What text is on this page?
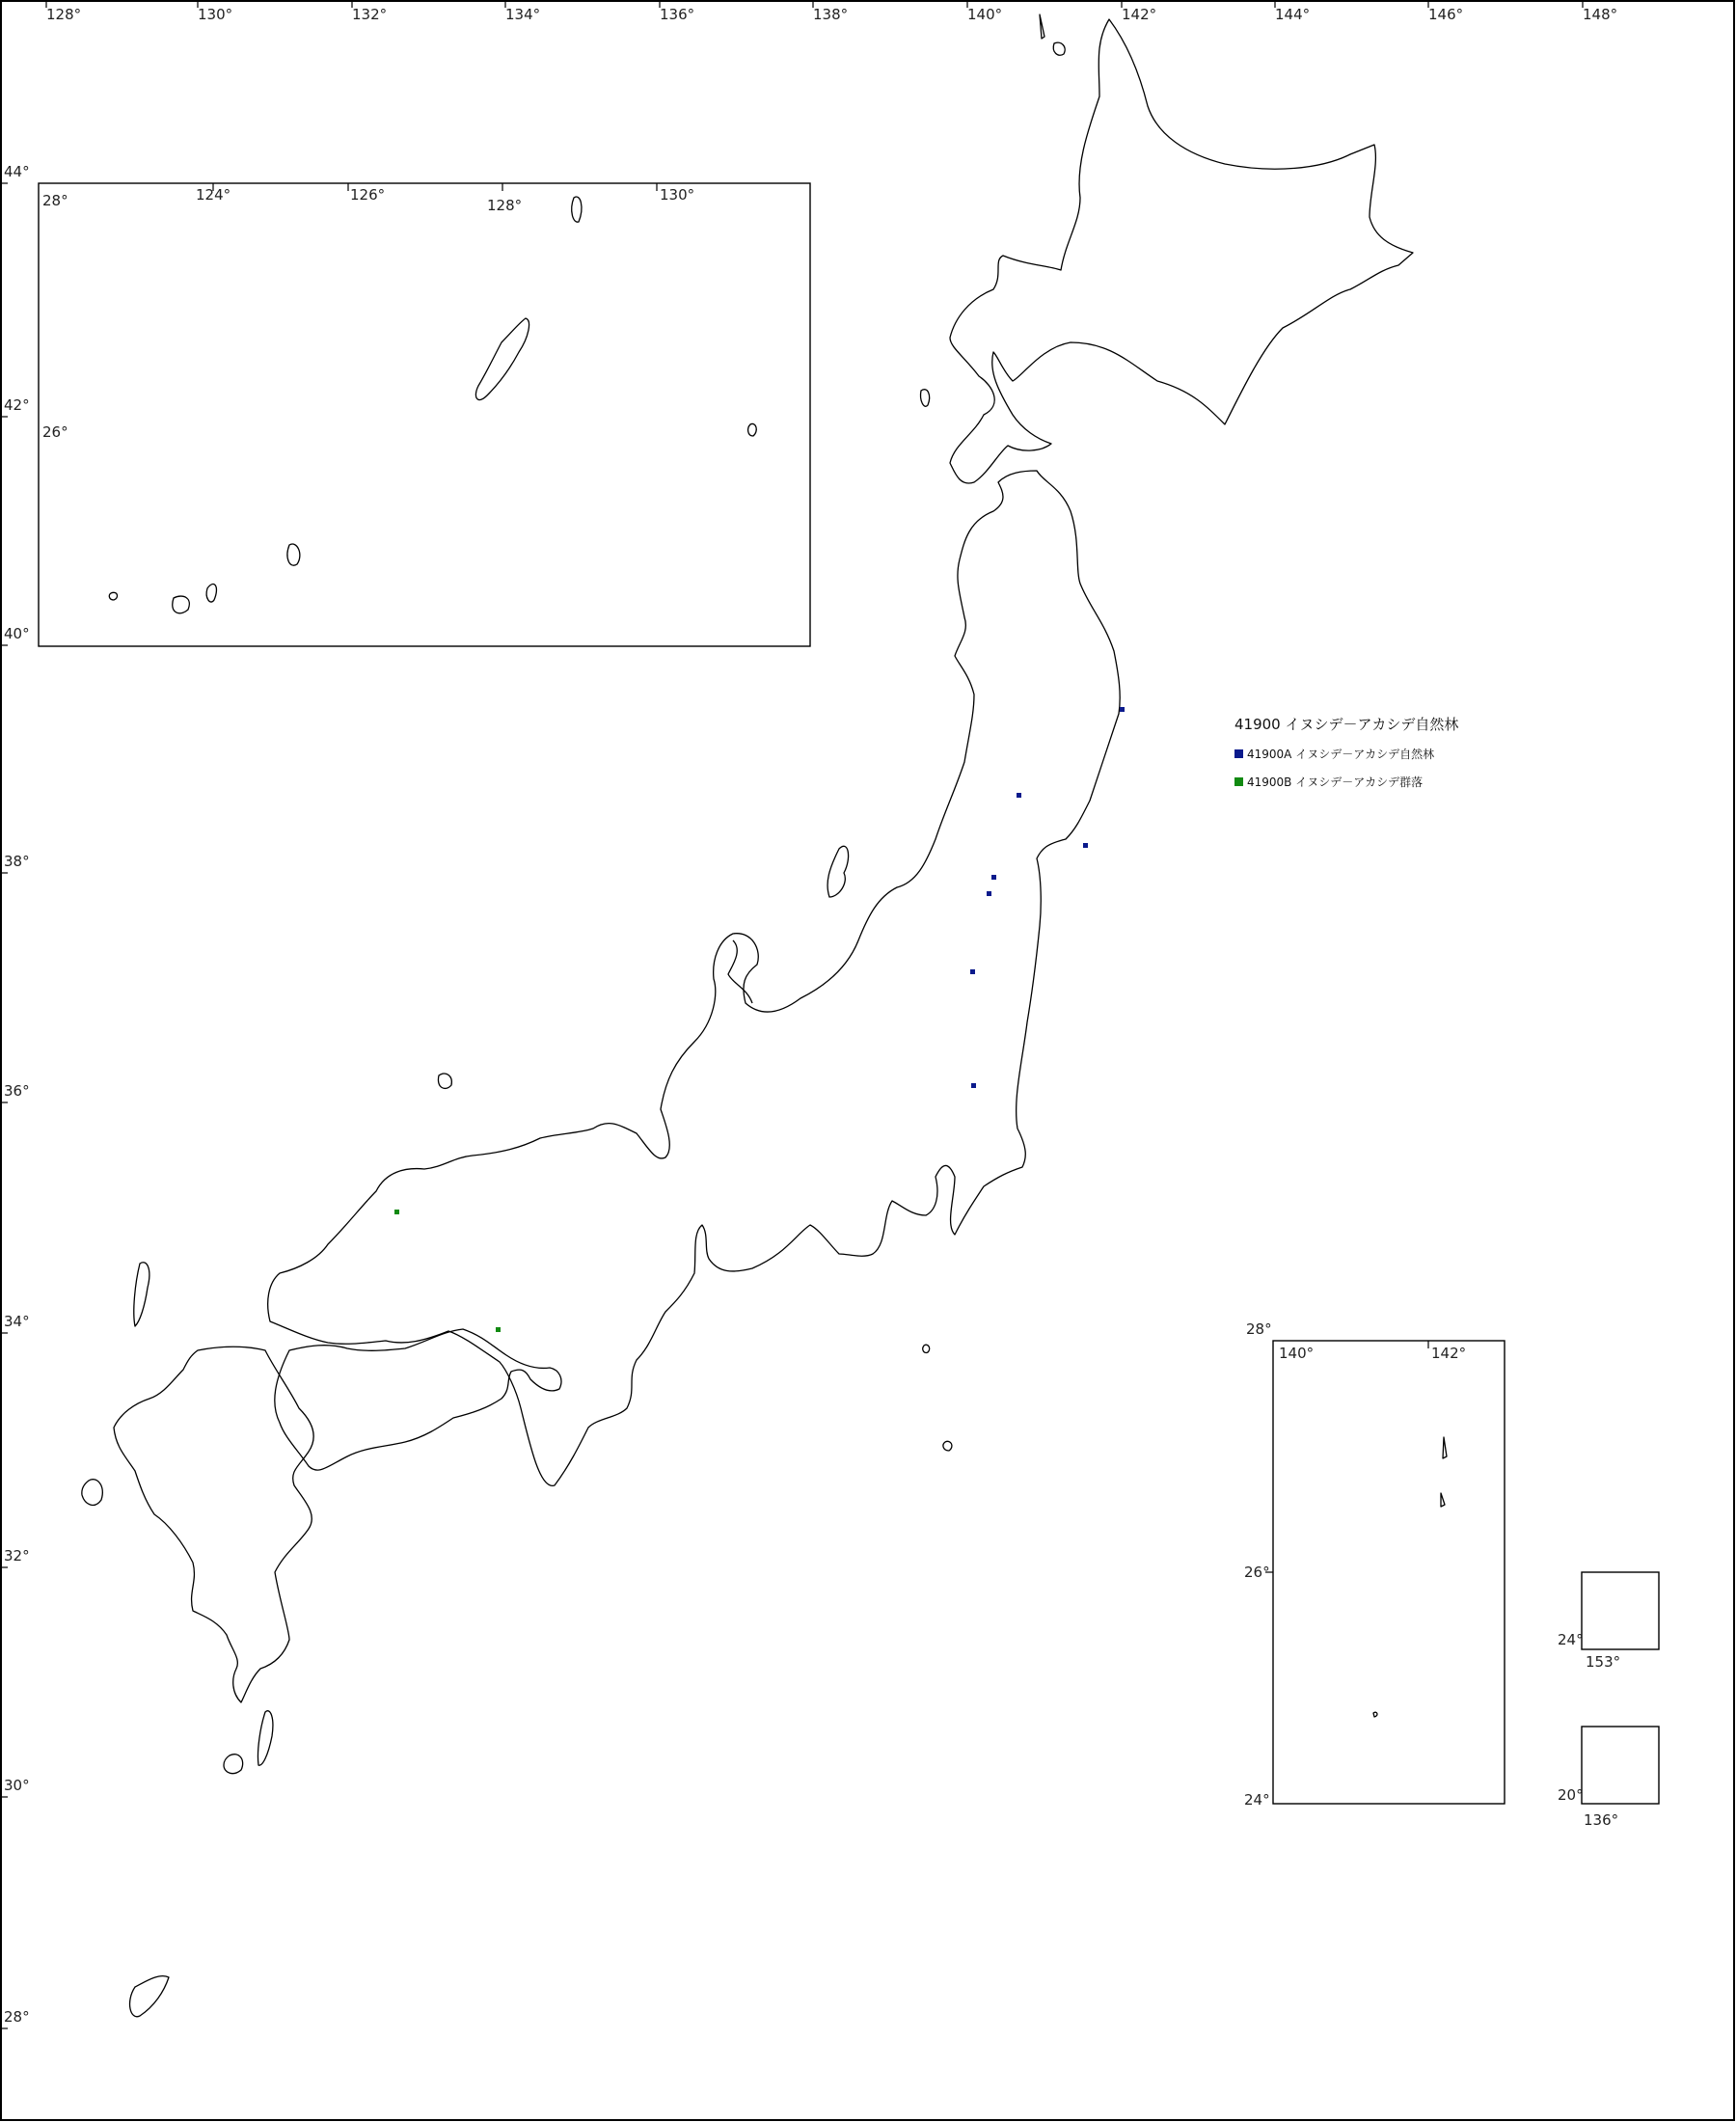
128°	130°	132°	134°	136°	138°	140°	142°	144°	146°	148°
44°
42°
40°
38°
36°
34°
32°
30°
28°
28°	124°	126°
128°
130°
26°
140°	142°
28°
26°
24°
24°
153°
20°
136°
41900 イヌシデ－アカシデ自然林
41900A イヌシデ－アカシデ自然林
41900B イヌシデ－アカシデ群落
